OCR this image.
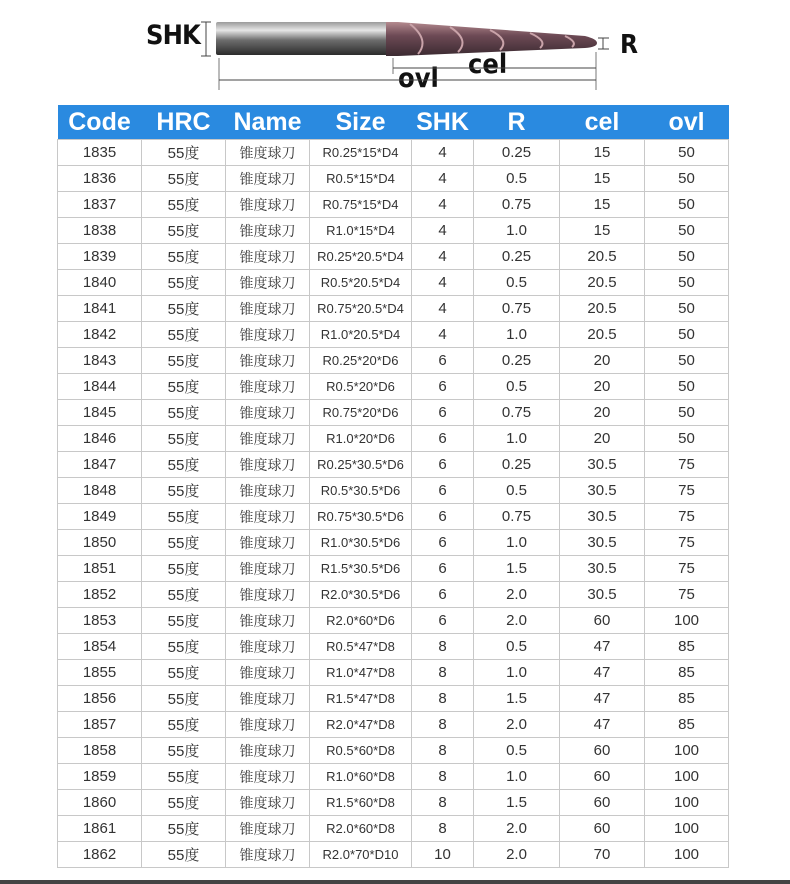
SHK	R
cel
ovl
Code	HRC	Name	Size	SHK	R	cel	ovl
1835	55度	锥度球刀	R0.25*15*D4	4	0.25	15	50
1836	55度	锥度球刀	R0.5*15*D4	4	0.5	15	50
1837	55度	锥度球刀	R0.75*15*D4	4	0.75	15	50
1838	55度	锥度球刀	R1.0*15*D4	4	1.0	15	50
1839	55度	锥度球刀	R0.25*20.5*D4	4	0.25	20.5	50
1840	55度	锥度球刀	R0.5*20.5*D4	4	0.5	20.5	50
1841	55度	锥度球刀	R0.75*20.5*D4	4	0.75	20.5	50
1842	55度	锥度球刀	R1.0*20.5*D4	4	1.0	20.5	50
1843	55度	锥度球刀	R0.25*20*D6	6	0.25	20	50
1844	55度	锥度球刀	R0.5*20*D6	6	0.5	20	50
1845	55度	锥度球刀	R0.75*20*D6	6	0.75	20	50
1846	55度	锥度球刀	R1.0*20*D6	6	1.0	20	50
1847	55度	锥度球刀	R0.25*30.5*D6	6	0.25	30.5	75
1848	55度	锥度球刀	R0.5*30.5*D6	6	0.5	30.5	75
1849	55度	锥度球刀	R0.75*30.5*D6	6	0.75	30.5	75
1850	55度	锥度球刀	R1.0*30.5*D6	6	1.0	30.5	75
1851	55度	锥度球刀	R1.5*30.5*D6	6	1.5	30.5	75
1852	55度	锥度球刀	R2.0*30.5*D6	6	2.0	30.5	75
1853	55度	锥度球刀	R2.0*60*D6	6	2.0	60	100
1854	55度	锥度球刀	R0.5*47*D8	8	0.5	47	85
1855	55度	锥度球刀	R1.0*47*D8	8	1.0	47	85
1856	55度	锥度球刀	R1.5*47*D8	8	1.5	47	85
1857	55度	锥度球刀	R2.0*47*D8	8	2.0	47	85
1858	55度	锥度球刀	R0.5*60*D8	8	0.5	60	100
1859	55度	锥度球刀	R1.0*60*D8	8	1.0	60	100
1860	55度	锥度球刀	R1.5*60*D8	8	1.5	60	100
1861	55度	锥度球刀	R2.0*60*D8	8	2.0	60	100
1862	55度	锥度球刀	R2.0*70*D10	10	2.0	70	100
